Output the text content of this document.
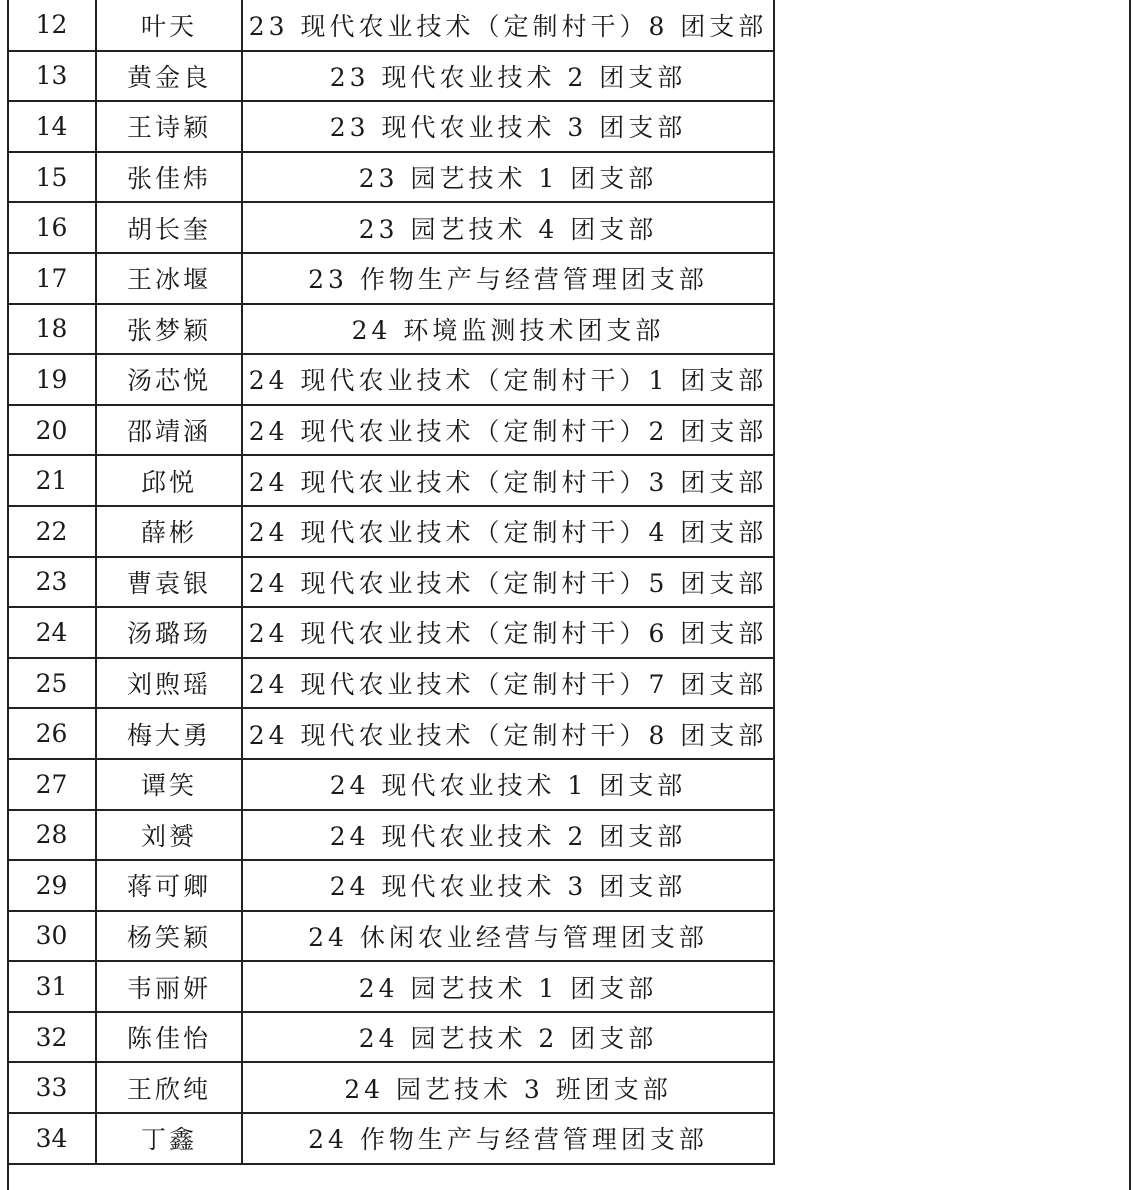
12	叶天	23 现代农业技术（定制村干）8 团支部
13	黄金良	23 现代农业技术 2 团支部
14	王诗颖	23 现代农业技术 3 团支部
15	张佳炜	23 园艺技术 1 团支部
16	胡长奎	23 园艺技术 4 团支部
17	王冰堰	23 作物生产与经营管理团支部
18	张梦颖	24 环境监测技术团支部
19	汤芯悦	24 现代农业技术（定制村干）1 团支部
20	邵靖涵	24 现代农业技术（定制村干）2 团支部
21	邱悦	24 现代农业技术（定制村干）3 团支部
22	薛彬	24 现代农业技术（定制村干）4 团支部
23	曹袁银	24 现代农业技术（定制村干）5 团支部
24	汤璐玚	24 现代农业技术（定制村干）6 团支部
25	刘煦瑶	24 现代农业技术（定制村干）7 团支部
26	梅大勇	24 现代农业技术（定制村干）8 团支部
27	谭笑	24 现代农业技术 1 团支部
28	刘赟	24 现代农业技术 2 团支部
29	蒋可卿	24 现代农业技术 3 团支部
30	杨笑颖	24 休闲农业经营与管理团支部
31	韦丽妍	24 园艺技术 1 团支部
32	陈佳怡	24 园艺技术 2 团支部
33	王欣纯	24 园艺技术 3 班团支部
34	丁鑫	24 作物生产与经营管理团支部
